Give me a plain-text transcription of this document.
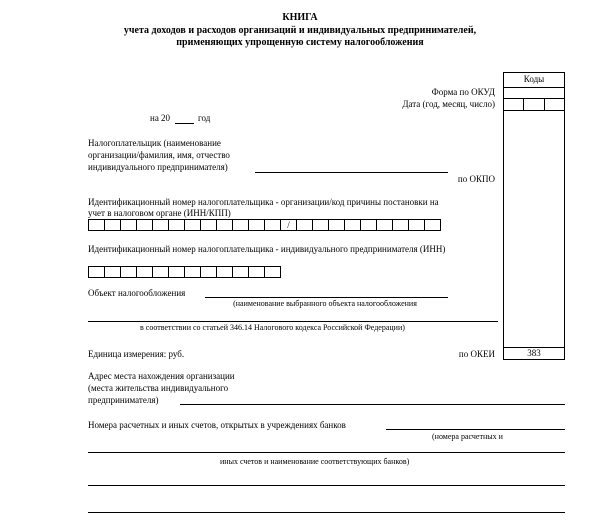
КНИГА
учета доходов и расходов организаций и индивидуальных предпринимателей,
применяющих упрощенную систему налогообложения
Коды
383
Форма по ОКУД
Дата (год, месяц, число)
на 20	год
Налогоплательщик (наименование
организации/фамилия, имя, отчество
индивидуального предпринимателя)
по ОКПО
Идентификационный номер налогоплательщика - организации/код причины постановки на
учет в налоговом органе (ИНН/КПП)
/
Идентификационный номер налогоплательщика - индивидуального предпринимателя (ИНН)
Объект налогообложения
(наименование выбранного объекта налогообложения
в соответствии со статьей 346.14 Налогового кодекса Российской Федерации)
Единица измерения: руб.	по ОКЕИ
Адрес места нахождения организации
(места жительства индивидуального
предпринимателя)
Номера расчетных и иных счетов, открытых в учреждениях банков
(номера расчетных и
иных счетов и наименование соответствующих банков)
